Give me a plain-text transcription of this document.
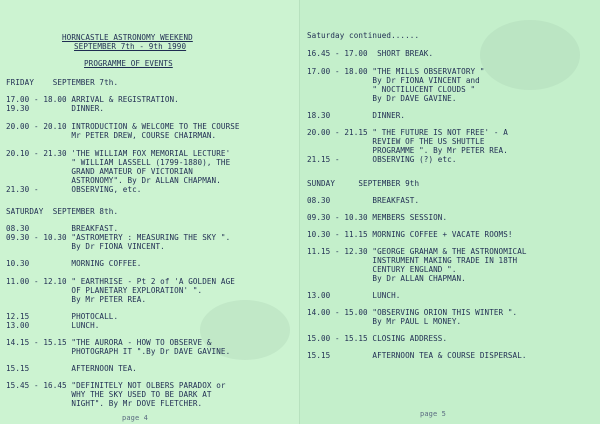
HORNCASTLE ASTRONOMY WEEKEND
SEPTEMBER 7th - 9th 1990
PROGRAMME OF EVENTS
FRIDAY    SEPTEMBER 7th.
17.00 - 18.00 ARRIVAL & REGISTRATION.
19.30         DINNER.
20.00 - 20.10 INTRODUCTION & WELCOME TO THE COURSE
Mr PETER DREW, COURSE CHAIRMAN.
20.10 - 21.30 'THE WILLIAM FOX MEMORIAL LECTURE'
" WILLIAM LASSELL (1799-1880), THE
GRAND AMATEUR OF VICTORIAN
ASTRONOMY". By Dr ALLAN CHAPMAN.
21.30 -       OBSERVING, etc.
SATURDAY  SEPTEMBER 8th.
08.30         BREAKFAST.
09.30 - 10.30 "ASTROMETRY : MEASURING THE SKY ".
By Dr FIONA VINCENT.
10.30         MORNING COFFEE.
11.00 - 12.10 " EARTHRISE - Pt 2 of 'A GOLDEN AGE
OF PLANETARY EXPLORATION' ".
By Mr PETER REA.
12.15         PHOTOCALL.
13.00         LUNCH.
14.15 - 15.15 "THE AURORA - HOW TO OBSERVE &
PHOTOGRAPH IT ".By Dr DAVE GAVINE.
15.15         AFTERNOON TEA.
15.45 - 16.45 "DEFINITELY NOT OLBERS PARADOX or
WHY THE SKY USED TO BE DARK AT
NIGHT". By Mr DOVE FLETCHER.
page 4
Saturday continued......
16.45 - 17.00  SHORT BREAK.
17.00 - 18.00 "THE MILLS OBSERVATORY "
By Dr FIONA VINCENT and
" NOCTILUCENT CLOUDS "
By Dr DAVE GAVINE.
18.30         DINNER.
20.00 - 21.15 " THE FUTURE IS NOT FREE' - A
REVIEW OF THE US SHUTTLE
PROGRAMME ". By Mr PETER REA.
21.15 -       OBSERVING (?) etc.
SUNDAY     SEPTEMBER 9th
08.30         BREAKFAST.
09.30 - 10.30 MEMBERS SESSION.
10.30 - 11.15 MORNING COFFEE + VACATE ROOMS!
11.15 - 12.30 "GEORGE GRAHAM & THE ASTRONOMICAL
INSTRUMENT MAKING TRADE IN 18TH
CENTURY ENGLAND ".
By Dr ALLAN CHAPMAN.
13.00         LUNCH.
14.00 - 15.00 "OBSERVING ORION THIS WINTER ".
By Mr PAUL L MONEY.
15.00 - 15.15 CLOSING ADDRESS.
15.15         AFTERNOON TEA & COURSE DISPERSAL.
page 5
